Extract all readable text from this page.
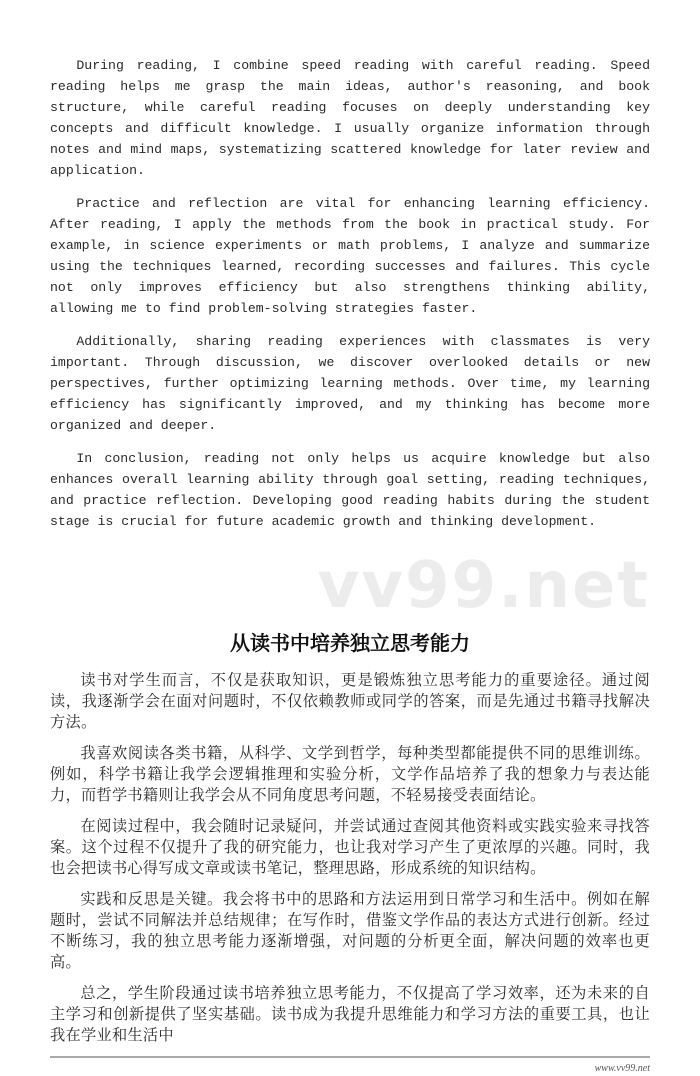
During reading, I combine speed reading with careful reading. Speed reading helps me grasp the main ideas, author's reasoning, and book structure, while careful reading focuses on deeply understanding key concepts and difficult knowledge. I usually organize information through notes and mind maps, systematizing scattered knowledge for later review and application.

Practice and reflection are vital for enhancing learning efficiency. After reading, I apply the methods from the book in practical study. For example, in science experiments or math problems, I analyze and summarize using the techniques learned, recording successes and failures. This cycle not only improves efficiency but also strengthens thinking ability, allowing me to find problem-solving strategies faster.

Additionally, sharing reading experiences with classmates is very important. Through discussion, we discover overlooked details or new perspectives, further optimizing learning methods. Over time, my learning efficiency has significantly improved, and my thinking has become more organized and deeper.

In conclusion, reading not only helps us acquire knowledge but also enhances overall learning ability through goal setting, reading techniques, and practice reflection. Developing good reading habits during the student stage is crucial for future academic growth and thinking development.

vv99.net
从读书中培养独立思考能力

读书对学生而言，不仅是获取知识，更是锻炼独立思考能力的重要途径。通过阅读，我逐渐学会在面对问题时，不仅依赖教师或同学的答案，而是先通过书籍寻找解决方法。

我喜欢阅读各类书籍，从科学、文学到哲学，每种类型都能提供不同的思维训练。例如，科学书籍让我学会逻辑推理和实验分析，文学作品培养了我的想象力与表达能力，而哲学书籍则让我学会从不同角度思考问题，不轻易接受表面结论。

在阅读过程中，我会随时记录疑问，并尝试通过查阅其他资料或实践实验来寻找答案。这个过程不仅提升了我的研究能力，也让我对学习产生了更浓厚的兴趣。同时，我也会把读书心得写成文章或读书笔记，整理思路，形成系统的知识结构。

实践和反思是关键。我会将书中的思路和方法运用到日常学习和生活中。例如在解题时，尝试不同解法并总结规律；在写作时，借鉴文学作品的表达方式进行创新。经过不断练习，我的独立思考能力逐渐增强，对问题的分析更全面，解决问题的效率也更高。

总之，学生阶段通过读书培养独立思考能力，不仅提高了学习效率，还为未来的自主学习和创新提供了坚实基础。读书成为我提升思维能力和学习方法的重要工具，也让我在学业和生活中

www.vv99.net
